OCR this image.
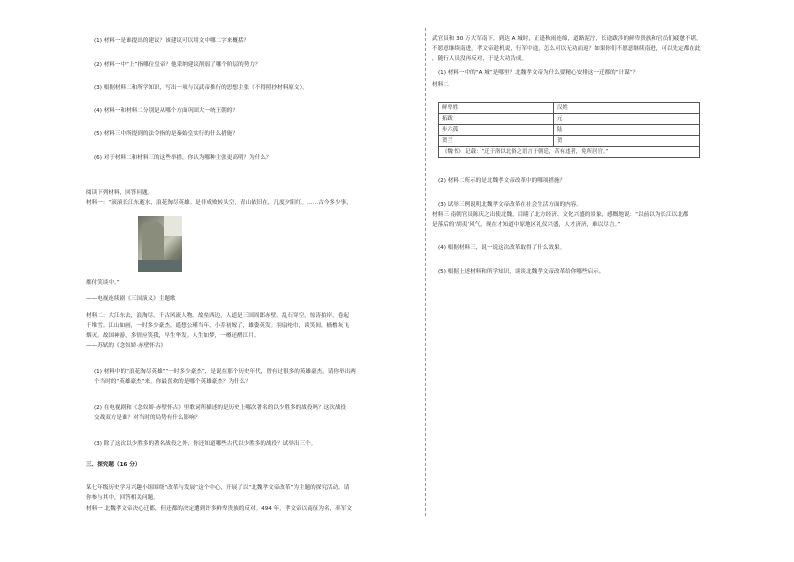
(1) 材料一是谁提出的建议？该建议可以用文中哪二字来概括？
(2) 材料一中“上”指哪位皇帝？他采纳建议削弱了哪个阶层的势力？
(3) 根据材料二和所学知识，写出一项与汉武帝推行的思想主张（不得照抄材料原文）。
(4) 材料一和材料二分别是从哪个方面巩固大一统王朝的？
(5) 材料三中所提到的法令指的是秦始皇实行的什么措施？
(6) 对于材料二和材料三的这些举措，你认为哪种主张更高明？为什么？
阅读下列材料，回答问题。
材料一：“滚滚长江东逝水，浪花淘尽英雄。是非成败转头空，青山依旧在，几度夕阳红。……古今多少事，
都付笑谈中。”
——电视连续剧《三国演义》主题歌
材料二：大江东去，浪淘尽，千古风流人物。故垒西边，人道是三国周郎赤壁。乱石穿空，惊涛拍岸，卷起
千堆雪。江山如画，一时多少豪杰。遥想公瑾当年，小乔初嫁了，雄姿英发。羽扇纶巾，谈笑间，樯橹灰飞
烟灭。故国神游，多情应笑我，早生华发。人生如梦，一樽还酹江月。
——苏轼的《念奴娇·赤壁怀古》
(1) 材料中的“浪花淘尽英雄”“一时多少豪杰”，是说在那个历史年代，曾有过很多的英雄豪杰。请你举出两
个当时的“英雄豪杰”来。你最喜欢的是哪个英雄豪杰？为什么？
(2) 在电视剧和《念奴娇·赤壁怀古》里歌词所描述的是历史上哪次著名的以少胜多的战役吗？这次战役
交战双方是谁？对当时的局势有什么影响？
(3) 除了这次以少胜多的著名战役之外，你还知道哪些古代以少胜多的战役？试举出三个。
三、探究题（16 分）
某七年级历史学习兴趣小组围绕“改革与发展”这个中心，开展了以“北魏孝文帝改革”为主题的探究活动。请
你参与其中，回答相关问题。
材料一 北魏孝文帝决心迁都，但还都的决定遭到许多鲜卑贵族的反对。494 年，孝文帝以南征为名，率军文
武官员和 30 万大军南下，到达 A 城时，正逢秋雨连绵，道路泥泞，长途跋涉的鲜卑贵族和官员们疲惫不堪，
不愿意继续南进，孝文帝趁机说，行军中途，怎么可以无功而返？如果你们不愿意继续南进，可以先定都在此
，随行人员没再反对，于是大功告成。
(1) 材料一中的“A 城”是哪里？北魏孝文帝为什么要精心安排这一迁都的“计谋”？
材料二
鲜卑姓	汉姓
拓跋	元
步六孤	陆
贺兰	贺
《魏书》 记载：“迁于洛以北俗之语言于朝廷，苦有违者，免所居官。”	
(2) 材料二所示的是北魏孝文帝改革中的哪项措施？
(3) 试举三例说明北魏孝文帝改革在社会生活方面的内容。
材料三 南朝官员陈庆之出使北魏，目睹了北方经济、文化兴盛的景象，感慨地说：“以前以为长江以北都
是落后的‘胡夷’风气，现在才知道中原地区礼仪兴盛，人才济济，难以尽言。”
(4) 根据材料三，说一说这次改革取得了什么效果。
(5) 根据上述材料和所学知识，谈谈北魏孝文帝改革给你哪些启示。
